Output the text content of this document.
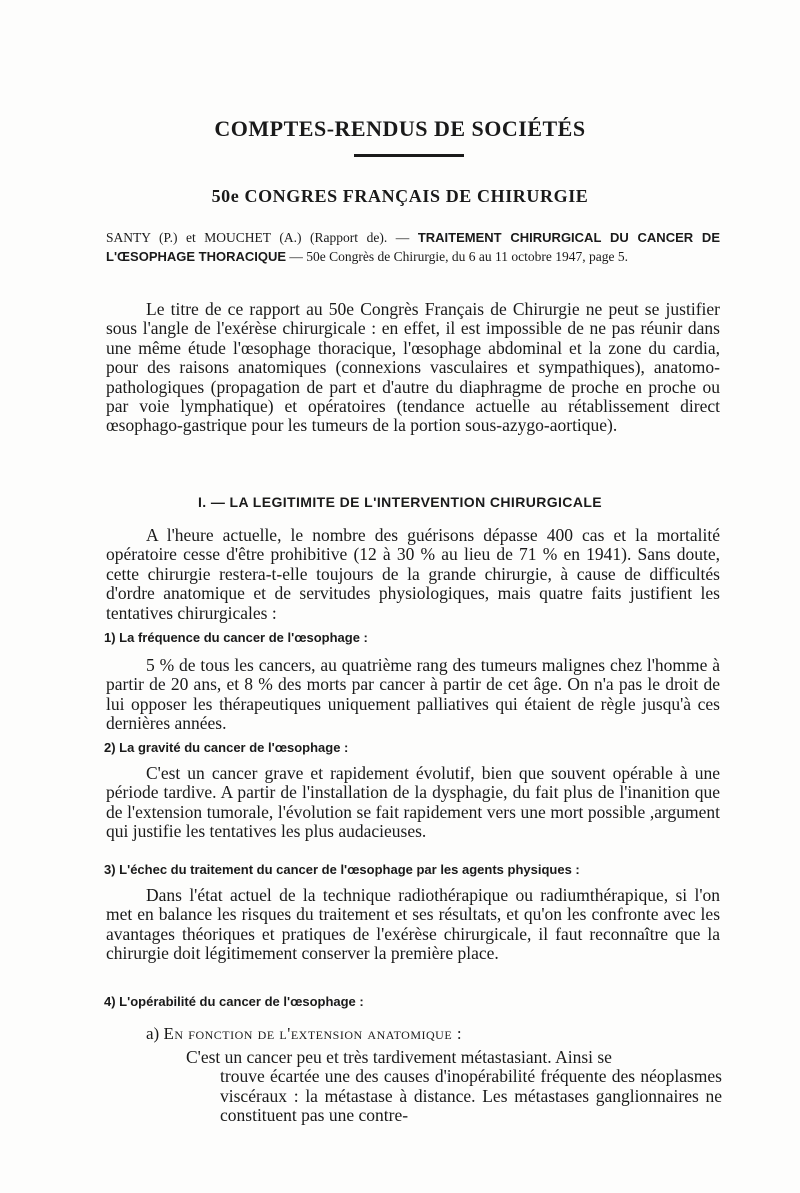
COMPTES-RENDUS DE SOCIÉTÉS
50e CONGRES FRANÇAIS DE CHIRURGIE

SANTY (P.) et MOUCHET (A.) (Rapport de). — TRAITEMENT CHIRURGICAL DU CANCER DE L'ŒSOPHAGE THORACIQUE — 50e Congrès de Chirurgie, du 6 au 11 octobre 1947, page 5.

Le titre de ce rapport au 50e Congrès Français de Chirurgie ne peut se justifier sous l'angle de l'exérèse chirurgicale : en effet, il est impossible de ne pas réunir dans une même étude l'œsophage thoracique, l'œsophage abdominal et la zone du cardia, pour des raisons anatomiques (connexions vasculaires et sympathiques), anatomo-pathologiques (propagation de part et d'autre du diaphragme de proche en proche ou par voie lymphatique) et opératoires (tendance actuelle au rétablissement direct œsophago-gastrique pour les tumeurs de la portion sous-azygo-aortique).

I. — LA LEGITIMITE DE L'INTERVENTION CHIRURGICALE

A l'heure actuelle, le nombre des guérisons dépasse 400 cas et la mortalité opératoire cesse d'être prohibitive (12 à 30 % au lieu de 71 % en 1941). Sans doute, cette chirurgie restera-t-elle toujours de la grande chirurgie, à cause de difficultés d'ordre anatomique et de servitudes physiologiques, mais quatre faits justifient les tentatives chirurgicales :

1) La fréquence du cancer de l'œsophage :

5 % de tous les cancers, au quatrième rang des tumeurs malignes chez l'homme à partir de 20 ans, et 8 % des morts par cancer à partir de cet âge. On n'a pas le droit de lui opposer les thérapeutiques uniquement palliatives qui étaient de règle jusqu'à ces dernières années.

2) La gravité du cancer de l'œsophage :

C'est un cancer grave et rapidement évolutif, bien que souvent opérable à une période tardive. A partir de l'installation de la dysphagie, du fait plus de l'inanition que de l'extension tumorale, l'évolution se fait rapidement vers une mort possible ,argument qui justifie les tentatives les plus audacieuses.

3) L'échec du traitement du cancer de l'œsophage par les agents physiques :

Dans l'état actuel de la technique radiothérapique ou radiumthérapique, si l'on met en balance les risques du traitement et ses résultats, et qu'on les confronte avec les avantages théoriques et pratiques de l'exérèse chirurgicale, il faut reconnaître que la chirurgie doit légitimement conserver la première place.

4) L'opérabilité du cancer de l'œsophage :

a) En fonction de l'extension anatomique :

C'est un cancer peu et très tardivement métastasiant. Ainsi se
trouve écartée une des causes d'inopérabilité fréquente des néoplasmes viscéraux : la métastase à distance. Les métastases ganglionnaires ne constituent pas une contre-
